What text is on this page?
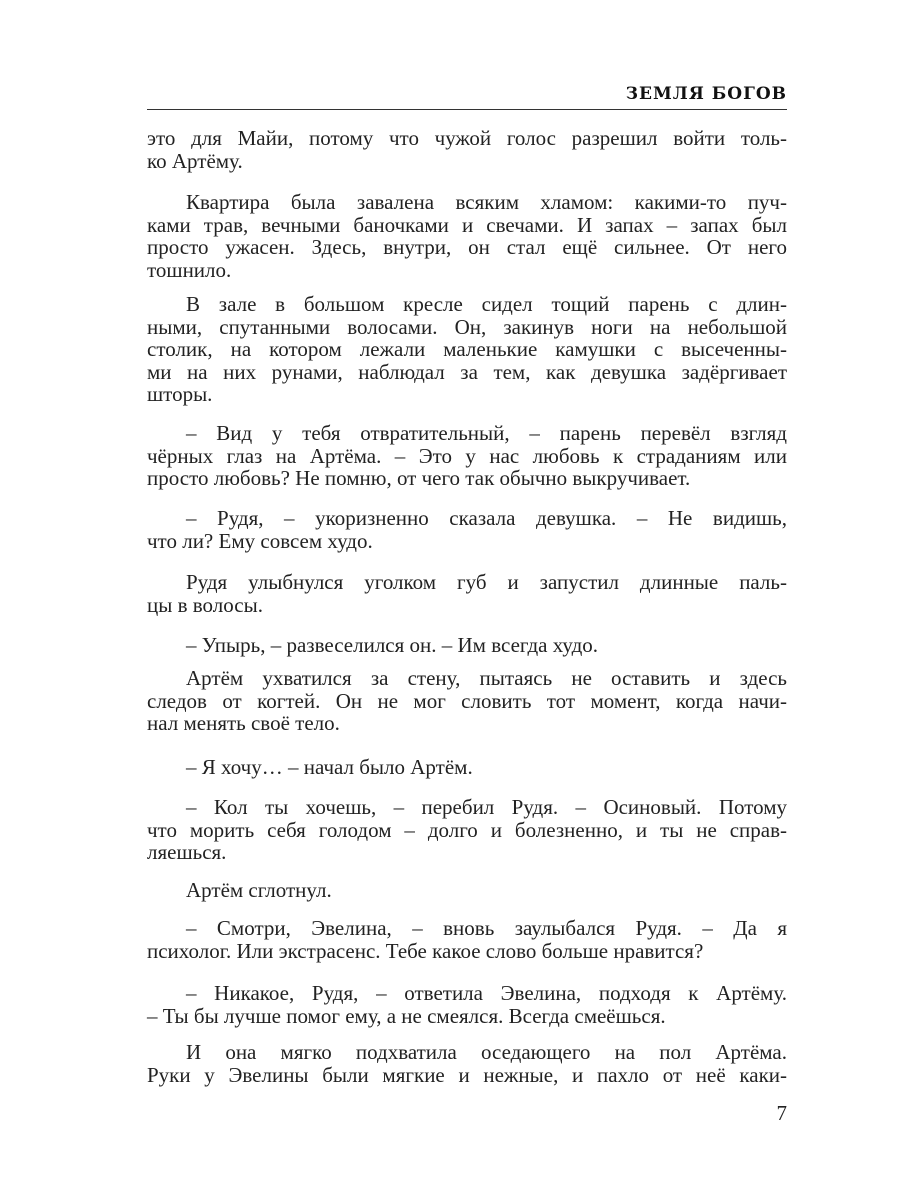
ЗЕМЛЯ БОГОВ
это для Майи, потому что чужой голос разрешил войти толь-
ко Артёму.
Квартира была завалена всяким хламом: какими-то пуч-
ками трав, вечными баночками и свечами. И запах – запах был
просто ужасен. Здесь, внутри, он стал ещё сильнее. От него
тошнило.
В зале в большом кресле сидел тощий парень с длин-
ными, спутанными волосами. Он, закинув ноги на небольшой
столик, на котором лежали маленькие камушки с высеченны-
ми на них рунами, наблюдал за тем, как девушка задёргивает
шторы.
– Вид у тебя отвратительный, – парень перевёл взгляд
чёрных глаз на Артёма. – Это у нас любовь к страданиям или
просто любовь? Не помню, от чего так обычно выкручивает.
– Рудя, – укоризненно сказала девушка. – Не видишь,
что ли? Ему совсем худо.
Рудя улыбнулся уголком губ и запустил длинные паль-
цы в волосы.
– Упырь, – развеселился он. – Им всегда худо.
Артём ухватился за стену, пытаясь не оставить и здесь
следов от когтей. Он не мог словить тот момент, когда начи-
нал менять своё тело.
– Я хочу… – начал было Артём.
– Кол ты хочешь, – перебил Рудя. – Осиновый. Потому
что морить себя голодом – долго и болезненно, и ты не справ-
ляешься.
Артём сглотнул.
– Смотри, Эвелина, – вновь заулыбался Рудя. – Да я
психолог. Или экстрасенс. Тебе какое слово больше нравится?
– Никакое, Рудя, – ответила Эвелина, подходя к Артёму.
– Ты бы лучше помог ему, а не смеялся. Всегда смеёшься.
И она мягко подхватила оседающего на пол Артёма.
Руки у Эвелины были мягкие и нежные, и пахло от неё каки-
7
